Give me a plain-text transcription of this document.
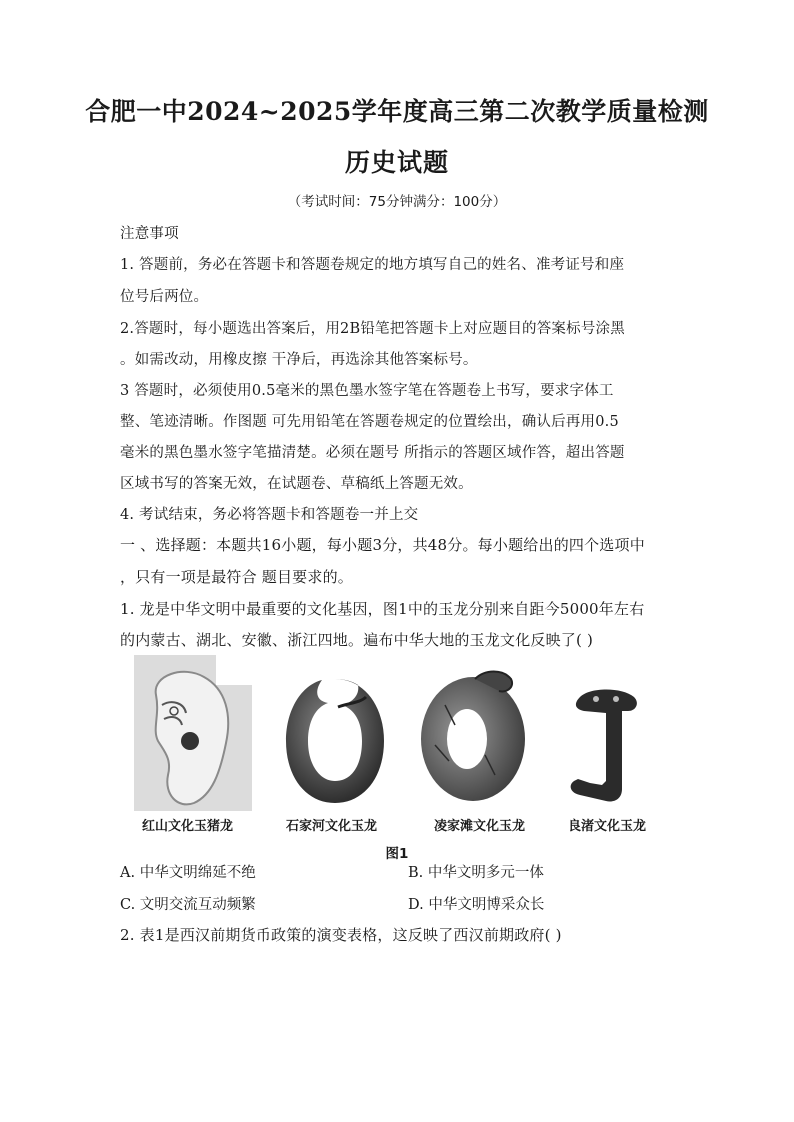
合肥一中2024~2025学年度高三第二次教学质量检测
历史试题
（考试时间：75分钟满分：100分）
注意事项
1. 答题前，务必在答题卡和答题卷规定的地方填写自己的姓名、准考证号和座
位号后两位。
2.答题时，每小题选出答案后，用2B铅笔把答题卡上对应题目的答案标号涂黑
。如需改动，用橡皮擦 干净后，再选涂其他答案标号。
3 答题时，必须使用0.5毫米的黑色墨水签字笔在答题卷上书写，要求字体工
整、笔迹清晰。作图题 可先用铅笔在答题卷规定的位置绘出，确认后再用0.5
毫米的黑色墨水签字笔描清楚。必须在题号 所指示的答题区域作答，超出答题
区域书写的答案无效，在试题卷、草稿纸上答题无效。
4. 考试结束，务必将答题卡和答题卷一并上交
一 、选择题：本题共16小题，每小题3分，共48分。每小题给出的四个选项中
，只有一项是最符合 题目要求的。
1. 龙是中华文明中最重要的文化基因，图1中的玉龙分别来自距今5000年左右
的内蒙古、湖北、安徽、浙江四地。遍布中华大地的玉龙文化反映了( )
红山文化玉猪龙	石家河文化玉龙	凌家滩文化玉龙	良渚文化玉龙
图1
A. 中华文明绵延不绝	B. 中华文明多元一体
C. 文明交流互动频繁	D. 中华文明博采众长
2. 表1是西汉前期货币政策的演变表格，这反映了西汉前期政府( )
